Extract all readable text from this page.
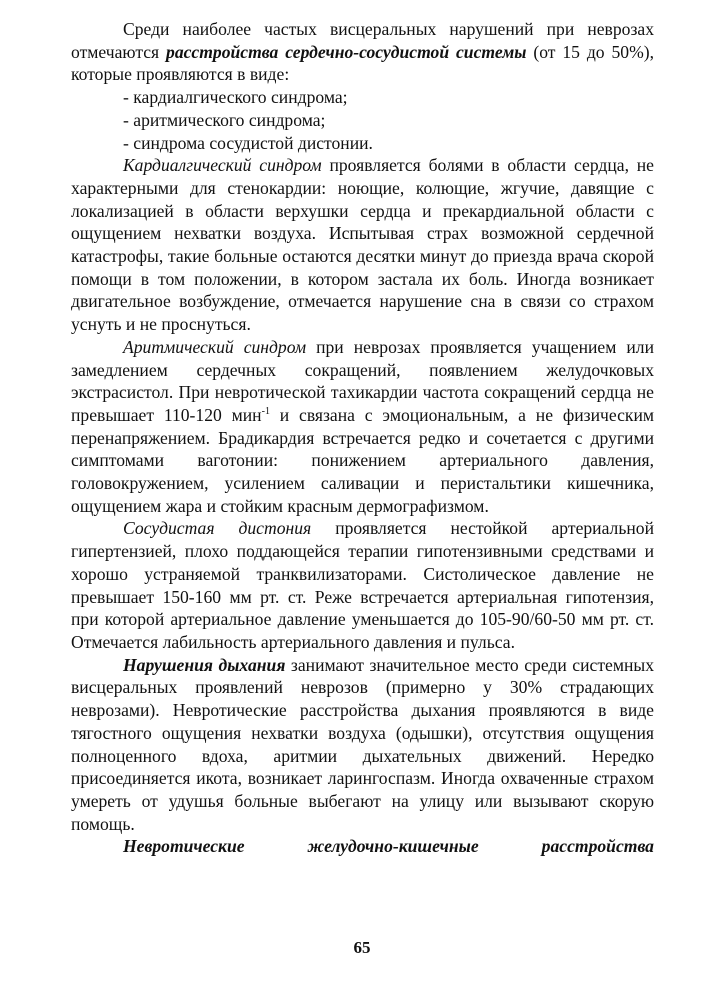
Среди наиболее частых висцеральных нарушений при неврозах отмечаются расстройства сердечно-сосудистой системы (от 15 до 50%), которые проявляются в виде:

- кардиалгического синдрома;

- аритмического синдрома;

- синдрома сосудистой дистонии.

Кардиалгический синдром проявляется болями в области сердца, не характерными для стенокардии: ноющие, колющие, жгучие, давящие с локализацией в области верхушки сердца и прекардиальной области с ощущением нехватки воздуха. Испытывая страх возможной сердечной катастрофы, такие больные остаются десятки минут до приезда врача скорой помощи в том положении, в котором застала их боль. Иногда возникает двигательное возбуждение, отмечается нарушение сна в связи со страхом уснуть и не проснуться.

Аритмический синдром при неврозах проявляется учащением или замедлением сердечных сокращений, появлением желудочковых экстрасистол. При невротической тахикардии частота сокращений сердца не превышает 110-120 мин$^{-1}$ и связана с эмоциональным, а не физическим перенапряжением. Брадикардия встречается редко и сочетается с другими симптомами ваготонии: понижением артериального давления, головокружением, усилением саливации и перистальтики кишечника, ощущением жара и стойким красным дермографизмом.

Сосудистая дистония проявляется нестойкой артериальной гипертензией, плохо поддающейся терапии гипотензивными средствами и хорошо устраняемой транквилизаторами. Систолическое давление не превышает 150-160 мм рт. ст. Реже встречается артериальная гипотензия, при которой артериальное давление уменьшается до 105-90/60-50 мм рт. ст. Отмечается лабильность артериального давления и пульса.

Нарушения дыхания занимают значительное место среди системных висцеральных проявлений неврозов (примерно у 30% страдающих неврозами). Невротические расстройства дыхания проявляются в виде тягостного ощущения нехватки воздуха (одышки), отсутствия ощущения полноценного вдоха, аритмии дыхательных движений. Нередко присоединяется икота, возникает ларингоспазм. Иногда охваченные страхом умереть от удушья больные выбегают на улицу или вызывают скорую помощь.

Невротические	желудочно-кишечные	расстройства
65
